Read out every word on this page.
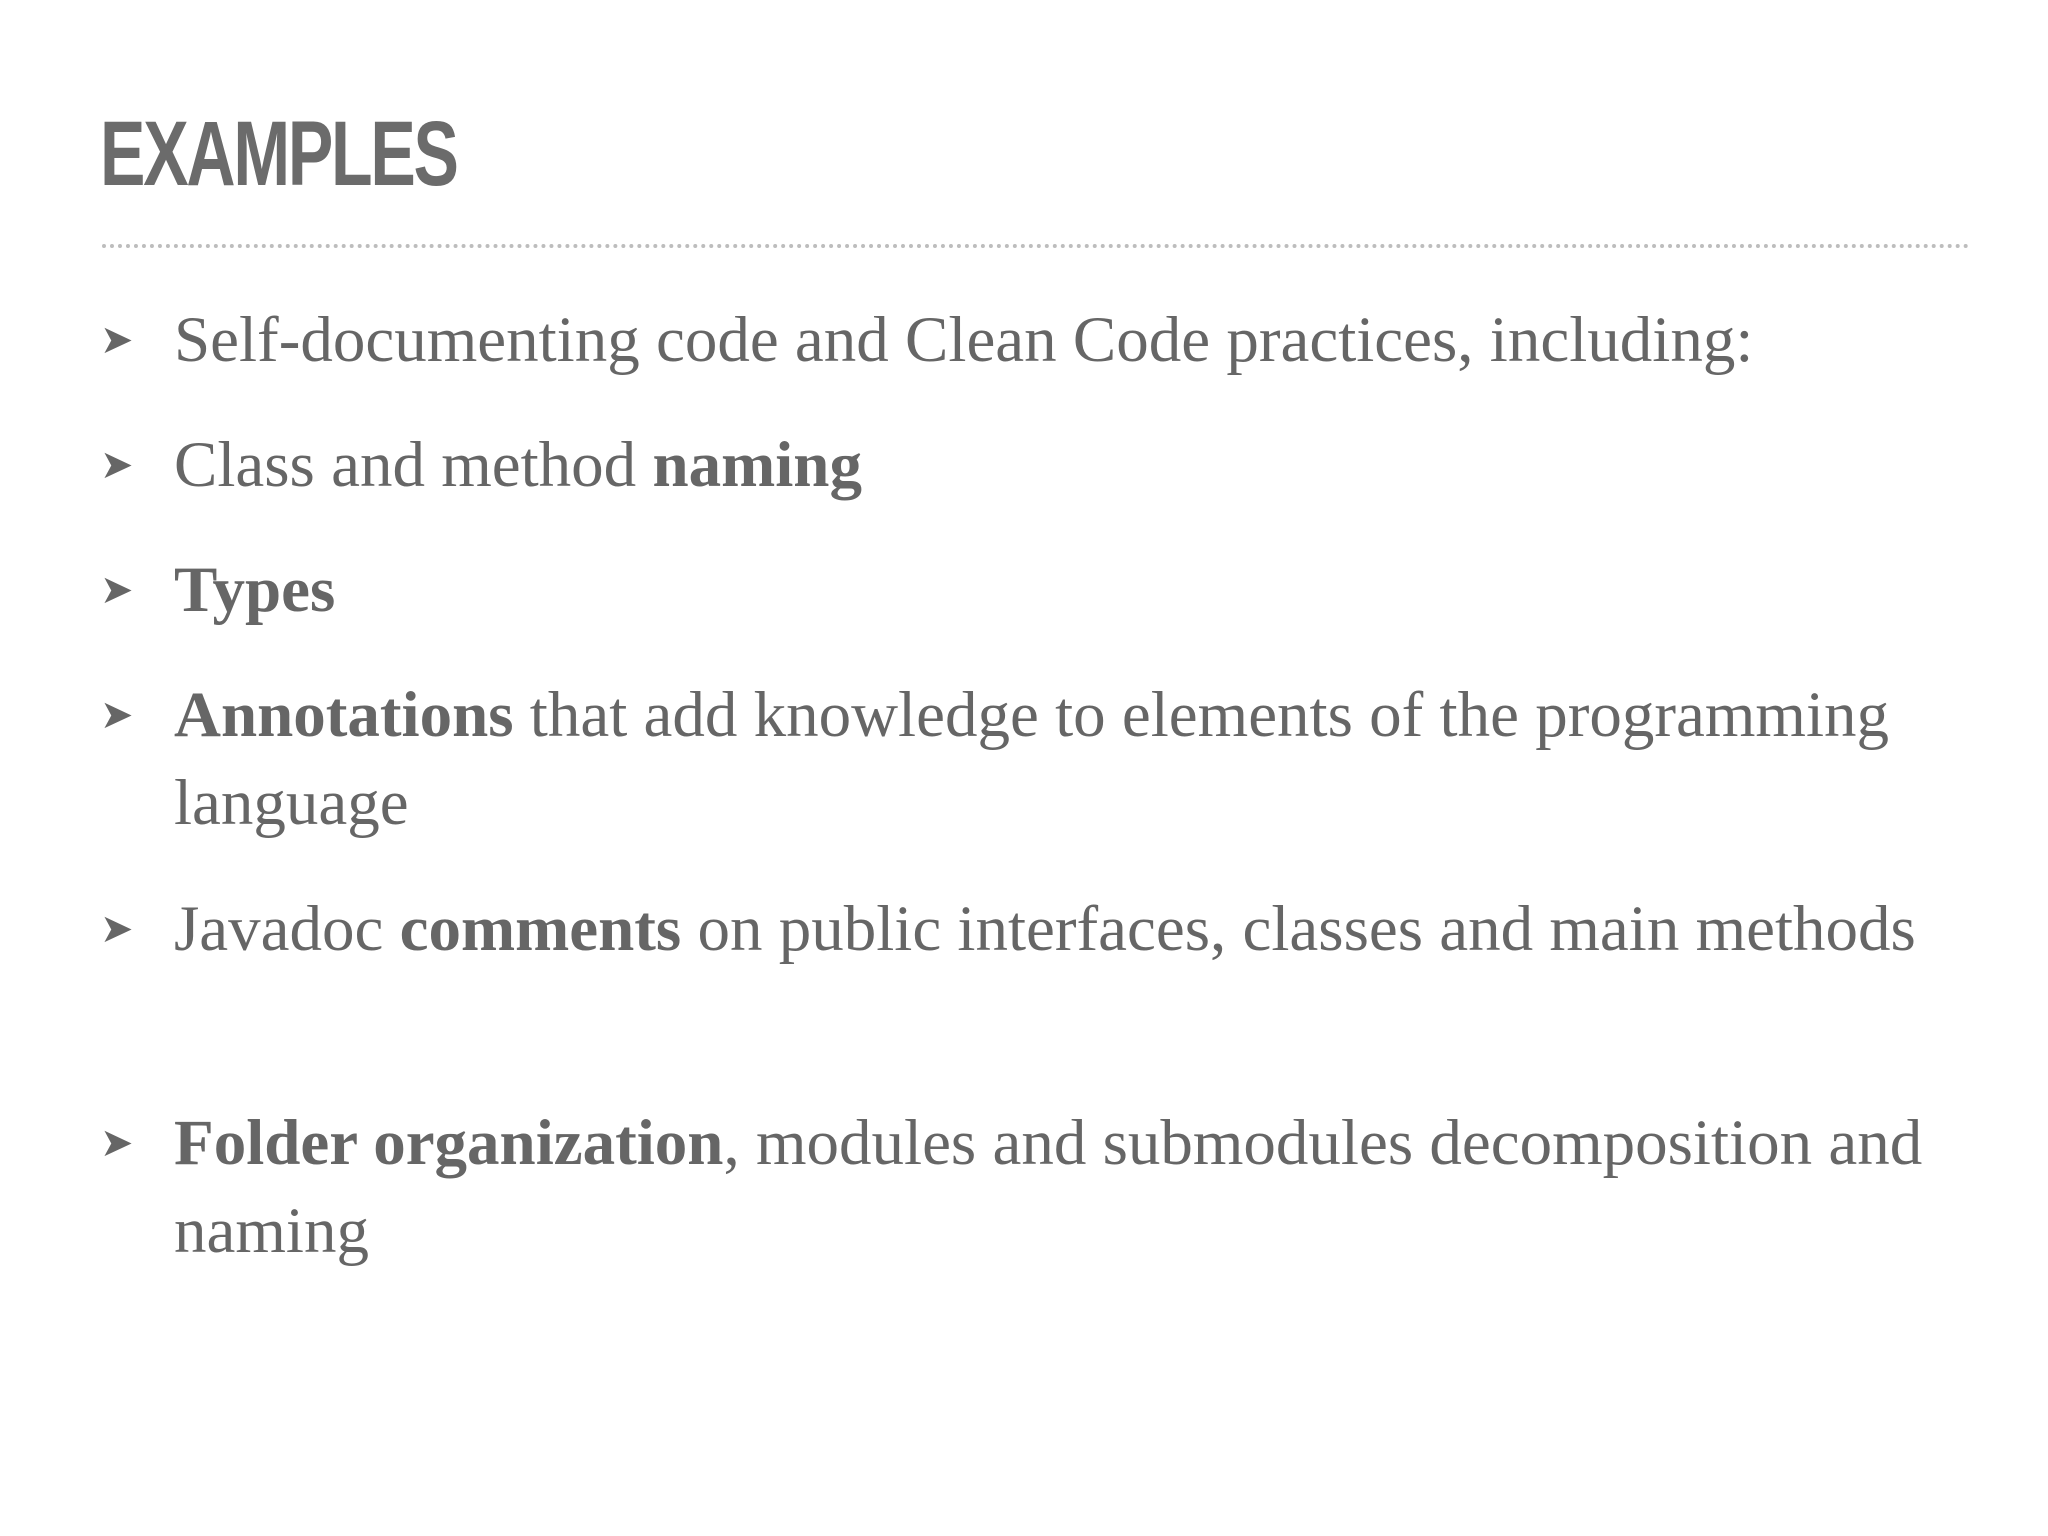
EXAMPLES
➤ Self-documenting code and Clean Code practices, including:
➤ Class and method naming
➤ Types
➤ Annotations that add knowledge to elements of the programming language
➤ Javadoc comments on public interfaces, classes and main methods
➤ Folder organization, modules and submodules decomposition and naming
